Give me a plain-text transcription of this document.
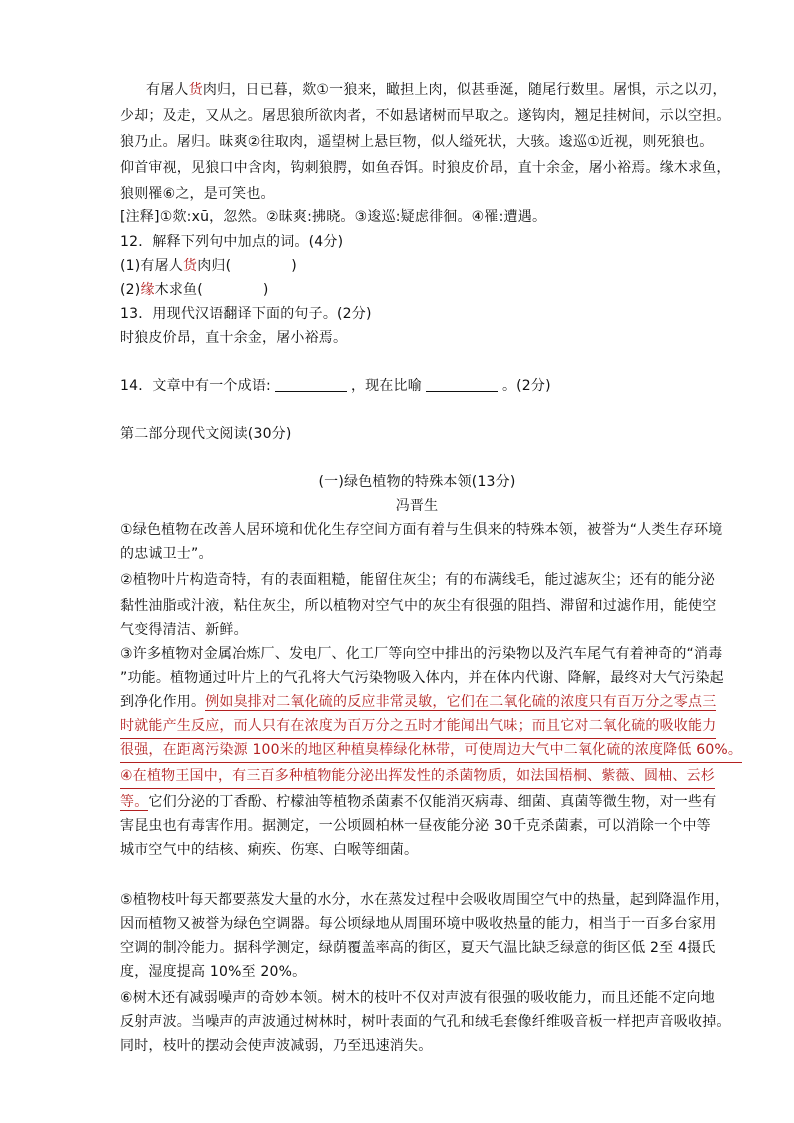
有屠人货肉归，日已暮，欻①一狼来，瞰担上肉，似甚垂涎，随尾行数里。屠惧，示之以刃，
少却；及走，又从之。屠思狼所欲肉者，不如悬诸树而早取之。遂钩肉，翘足挂树间，示以空担。
狼乃止。屠归。昧爽②往取肉，遥望树上悬巨物，似人缢死状，大骇。逡巡①近视，则死狼也。
仰首审视，见狼口中含肉，钩刺狼腭，如鱼吞饵。时狼皮价昂，直十余金，屠小裕焉。缘木求鱼，
狼则罹⑥之，是可笑也。
[注释]①欻:xū，忽然。②昧爽:拂晓。③逡巡:疑虑徘徊。④罹:遭遇。
12．解释下列句中加点的词。(4分)
(1)有屠人货肉归(	)
(2)缘木求鱼(	)
13．用现代汉语翻译下面的句子。(2分)
时狼皮价昂，直十余金，屠小裕焉。
14．文章中有一个成语:	，现在比喻	。(2分)
第二部分现代文阅读(30分)
(一)绿色植物的特殊本领(13分)
冯晋生
①绿色植物在改善人居环境和优化生存空间方面有着与生俱来的特殊本领，被誉为“人类生存环境
的忠诚卫士”。
②植物叶片构造奇特，有的表面粗糙，能留住灰尘；有的布满线毛，能过滤灰尘；还有的能分泌
黏性油脂或汁液，粘住灰尘，所以植物对空气中的灰尘有很强的阻挡、滞留和过滤作用，能使空
气变得清洁、新鲜。
③许多植物对金属冶炼厂、发电厂、化工厂等向空中排出的污染物以及汽车尾气有着神奇的“消毒
”功能。植物通过叶片上的气孔将大气污染物吸入体内，并在体内代谢、降解，最终对大气污染起
到净化作用。例如臭排对二氧化硫的反应非常灵敏，它们在二氧化硫的浓度只有百万分之零点三
时就能产生反应，而人只有在浓度为百万分之五时才能闻出气味；而且它对二氧化硫的吸收能力
很强，在距离污染源 100米的地区种植臭棒绿化林带，可使周边大气中二氧化硫的浓度降低 60%。
④在植物王国中，有三百多种植物能分泌出挥发性的杀菌物质，如法国梧桐、紫薇、圆柚、云杉
等。它们分泌的丁香酚、柠檬油等植物杀菌素不仅能消灭病毒、细菌、真菌等微生物，对一些有
害昆虫也有毒害作用。据测定，一公顷圆柏林一昼夜能分泌 30千克杀菌素，可以消除一个中等
城市空气中的结核、痢疾、伤寒、白喉等细菌。
⑤植物枝叶每天都要蒸发大量的水分，水在蒸发过程中会吸收周围空气中的热量，起到降温作用，
因而植物又被誉为绿色空调器。每公顷绿地从周围环境中吸收热量的能力，相当于一百多台家用
空调的制冷能力。据科学测定，绿荫覆盖率高的街区，夏天气温比缺乏绿意的街区低 2至 4摄氏
度，湿度提高 10%至 20%。
⑥树木还有减弱噪声的奇妙本领。树木的枝叶不仅对声波有很强的吸收能力，而且还能不定向地
反射声波。当噪声的声波通过树林时，树叶表面的气孔和绒毛套像纤维吸音板一样把声音吸收掉。
同时，枝叶的摆动会使声波减弱，乃至迅速消失。
